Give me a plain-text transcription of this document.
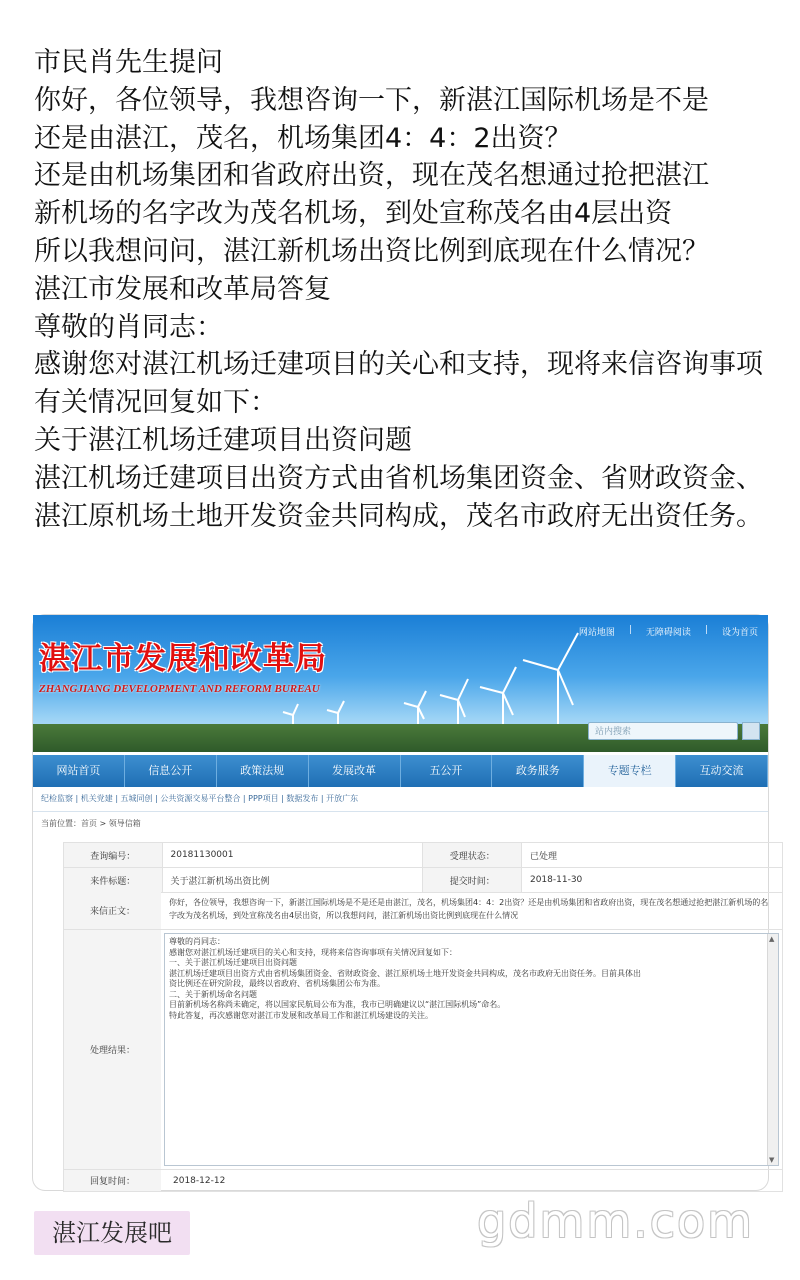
市民肖先生提问
你好，各位领导，我想咨询一下，新湛江国际机场是不是
还是由湛江，茂名，机场集团4：4：2出资？
还是由机场集团和省政府出资，现在茂名想通过抢把湛江
新机场的名字改为茂名机场，到处宣称茂名由4层出资
所以我想问问，湛江新机场出资比例到底现在什么情况？
湛江市发展和改革局答复
尊敬的肖同志：
感谢您对湛江机场迁建项目的关心和支持，现将来信咨询事项有关情况回复如下：
关于湛江机场迁建项目出资问题
湛江机场迁建项目出资方式由省机场集团资金、省财政资金、湛江原机场土地开发资金共同构成，茂名市政府无出资任务。
湛江市发展和改革局
ZHANGJIANG DEVELOPMENT AND REFORM BUREAU
网站地图 | 无障碍阅读 | 设为首页
站内搜索
网站首页	信息公开	政策法规	发展改革	五公开	政务服务	专题专栏	互动交流
纪检监察 | 机关党建 | 五城同创 | 公共资源交易平台整合 | PPP项目 | 数据发布 | 开放广东
当前位置：首页 > 领导信箱
查询编号：	20181130001	受理状态：	已处理
来件标题：	关于湛江新机场出资比例	提交时间：	2018-11-30
来信正文：
你好，各位领导，我想咨询一下，新湛江国际机场是不是还是由湛江，茂名，机场集团4：4：2出资？还是由机场集团和省政府出资，现在茂名想通过抢把湛江新机场的名字改为茂名机场，到处宣称茂名由4层出资，所以我想问问，湛江新机场出资比例到底现在什么情况
处理结果：
尊敬的肖同志：
感谢您对湛江机场迁建项目的关心和支持，现将来信咨询事项有关情况回复如下：
一、关于湛江机场迁建项目出资问题
湛江机场迁建项目出资方式由省机场集团资金、省财政资金、湛江原机场土地开发资金共同构成，茂名市政府无出资任务。目前具体出
资比例还在研究阶段，最终以省政府、省机场集团公布为准。
二、关于新机场命名问题
目前新机场名称尚未确定，将以国家民航局公布为准，我市已明确建议以“湛江国际机场”命名。
特此答复，再次感谢您对湛江市发展和改革局工作和湛江机场建设的关注。
▲
▼
回复时间：	2018-12-12
湛江发展吧	gdmm.com
